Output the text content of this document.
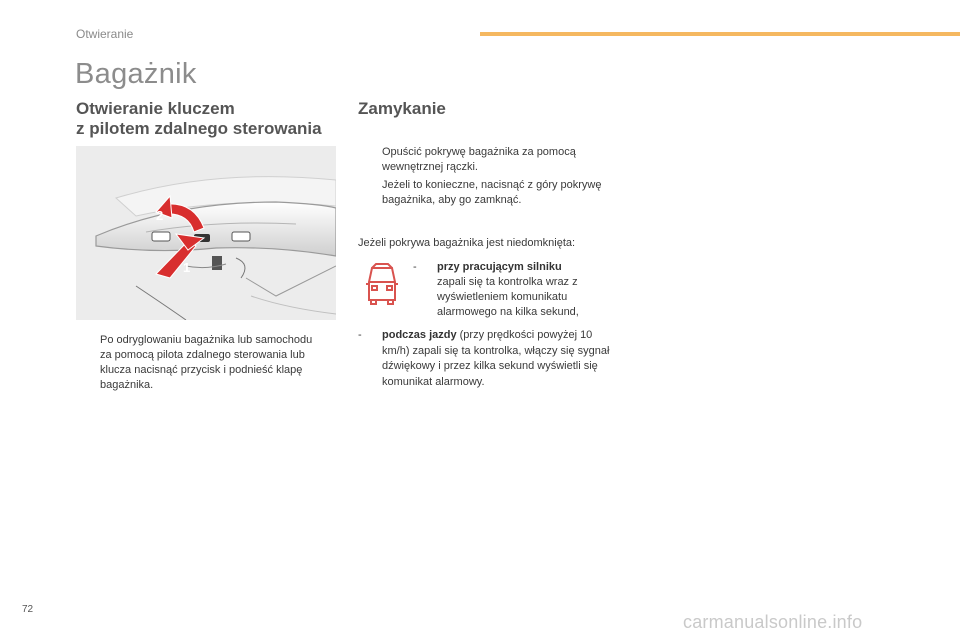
Otwieranie
Bagażnik
Otwieranie kluczem
z pilotem zdalnego sterowania
Zamykanie
1
2
Po odryglowaniu bagażnika lub samochodu za pomocą pilota zdalnego sterowania lub klucza nacisnąć przycisk i podnieść klapę bagażnika.
Opuścić pokrywę bagażnika za pomocą wewnętrznej rączki.
Jeżeli to konieczne, nacisnąć z góry pokrywę bagażnika, aby go zamknąć.
Jeżeli pokrywa bagażnika jest niedomknięta:
- przy pracującym silniku
zapali się ta kontrolka wraz z wyświetleniem komunikatu alarmowego na kilka sekund,
- podczas jazdy (przy prędkości powyżej 10 km/h) zapali się ta kontrolka, włączy się sygnał dźwiękowy i przez kilka sekund wyświetli się komunikat alarmowy.
72
carmanualsonline.info
